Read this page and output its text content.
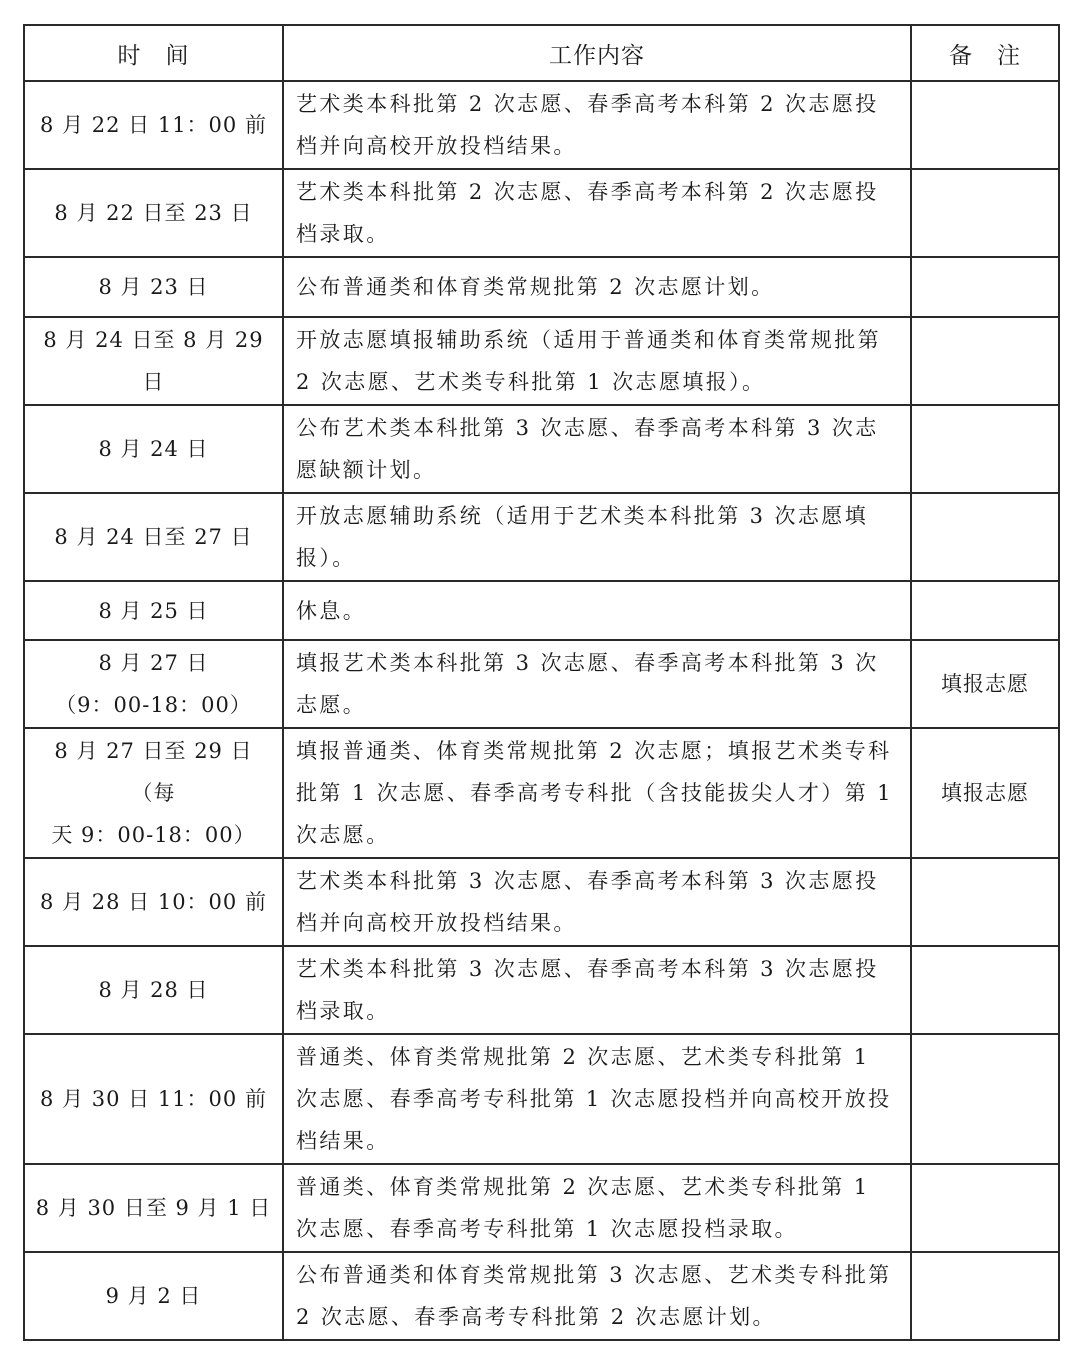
时　间	工作内容	备　注
8 月 22 日 11：00 前	艺术类本科批第 2 次志愿、春季高考本科第 2 次志愿投档并向高校开放投档结果。	
8 月 22 日至 23 日	艺术类本科批第 2 次志愿、春季高考本科第 2 次志愿投档录取。	
8 月 23 日	公布普通类和体育类常规批第 2 次志愿计划。	
8 月 24 日至 8 月 29 日	开放志愿填报辅助系统（适用于普通类和体育类常规批第 2 次志愿、艺术类专科批第 1 次志愿填报）。	
8 月 24 日	公布艺术类本科批第 3 次志愿、春季高考本科第 3 次志愿缺额计划。	
8 月 24 日至 27 日	开放志愿辅助系统（适用于艺术类本科批第 3 次志愿填报）。	
8 月 25 日	休息。	

8 月 27 日
（9：00-18：00）	填报艺术类本科批第 3 次志愿、春季高考本科批第 3 次志愿。	填报志愿

8 月 27 日至 29 日（每
天 9：00-18：00）	填报普通类、体育类常规批第 2 次志愿；填报艺术类专科批第 1 次志愿、春季高考专科批（含技能拔尖人才）第 1 次志愿。	填报志愿
8 月 28 日 10：00 前	艺术类本科批第 3 次志愿、春季高考本科第 3 次志愿投档并向高校开放投档结果。	
8 月 28 日	艺术类本科批第 3 次志愿、春季高考本科第 3 次志愿投档录取。	
8 月 30 日 11：00 前	普通类、体育类常规批第 2 次志愿、艺术类专科批第 1 次志愿、春季高考专科批第 1 次志愿投档并向高校开放投档结果。	
8 月 30 日至 9 月 1 日	普通类、体育类常规批第 2 次志愿、艺术类专科批第 1 次志愿、春季高考专科批第 1 次志愿投档录取。	
9 月 2 日	公布普通类和体育类常规批第 3 次志愿、艺术类专科批第 2 次志愿、春季高考专科批第 2 次志愿计划。	
